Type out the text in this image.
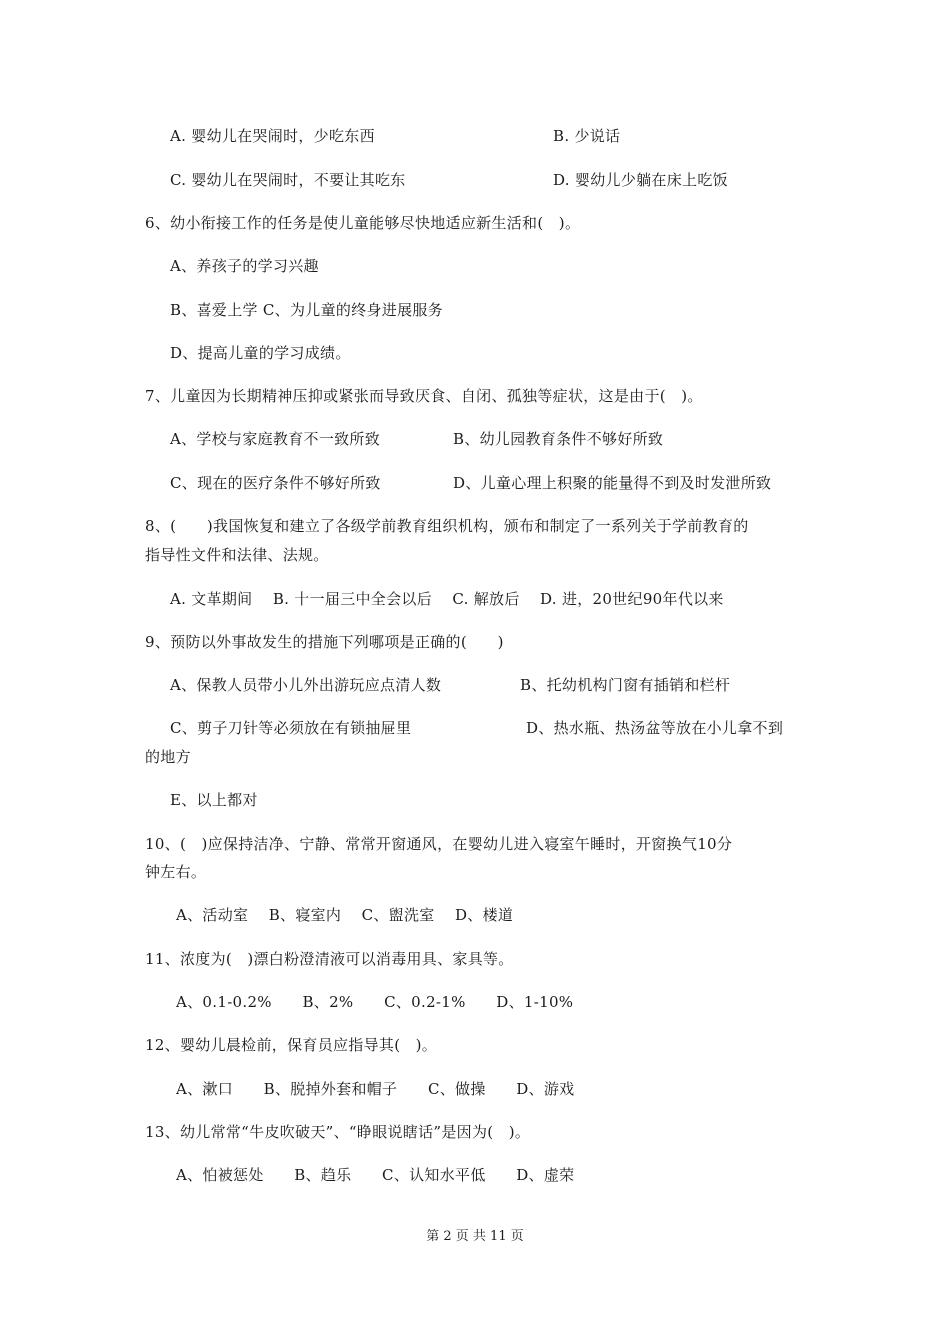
A. 婴幼儿在哭闹时，少吃东西	B. 少说话
C. 婴幼儿在哭闹时，不要让其吃东	D. 婴幼儿少躺在床上吃饭
6、幼小衔接工作的任务是使儿童能够尽快地适应新生活和(　)。
A、养孩子的学习兴趣
B、喜爱上学 C、为儿童的终身进展服务
D、提高儿童的学习成绩。
7、儿童因为长期精神压抑或紧张而导致厌食、自闭、孤独等症状，这是由于(　)。
A、学校与家庭教育不一致所致	B、幼儿园教育条件不够好所致
C、现在的医疗条件不够好所致	D、儿童心理上积聚的能量得不到及时发泄所致
8、(　　)我国恢复和建立了各级学前教育组织机构，颁布和制定了一系列关于学前教育的
指导性文件和法律、法规。
A. 文革期间　 B. 十一届三中全会以后　 C. 解放后　 D. 进，20世纪90年代以来
9、预防以外事故发生的措施下列哪项是正确的(　　)
A、保教人员带小儿外出游玩应点清人数	B、托幼机构门窗有插销和栏杆
C、剪子刀针等必须放在有锁抽屉里	D、热水瓶、热汤盆等放在小儿拿不到
的地方
E、以上都对
10、(　)应保持洁净、宁静、常常开窗通风，在婴幼儿进入寝室午睡时，开窗换气10分
钟左右。
A、活动室　 B、寝室内　 C、盥洗室　 D、楼道
11、浓度为(　)漂白粉澄清液可以消毒用具、家具等。
A、0.1-0.2%　　B、2%　　C、0.2-1%　　D、1-10%
12、婴幼儿晨检前，保育员应指导其(　)。
A、漱口　　B、脱掉外套和帽子　　C、做操　　D、游戏
13、幼儿常常“牛皮吹破天”、“睁眼说瞎话”是因为(　)。
A、怕被惩处　　B、趋乐　　C、认知水平低　　D、虚荣
第 2 页 共 11 页
